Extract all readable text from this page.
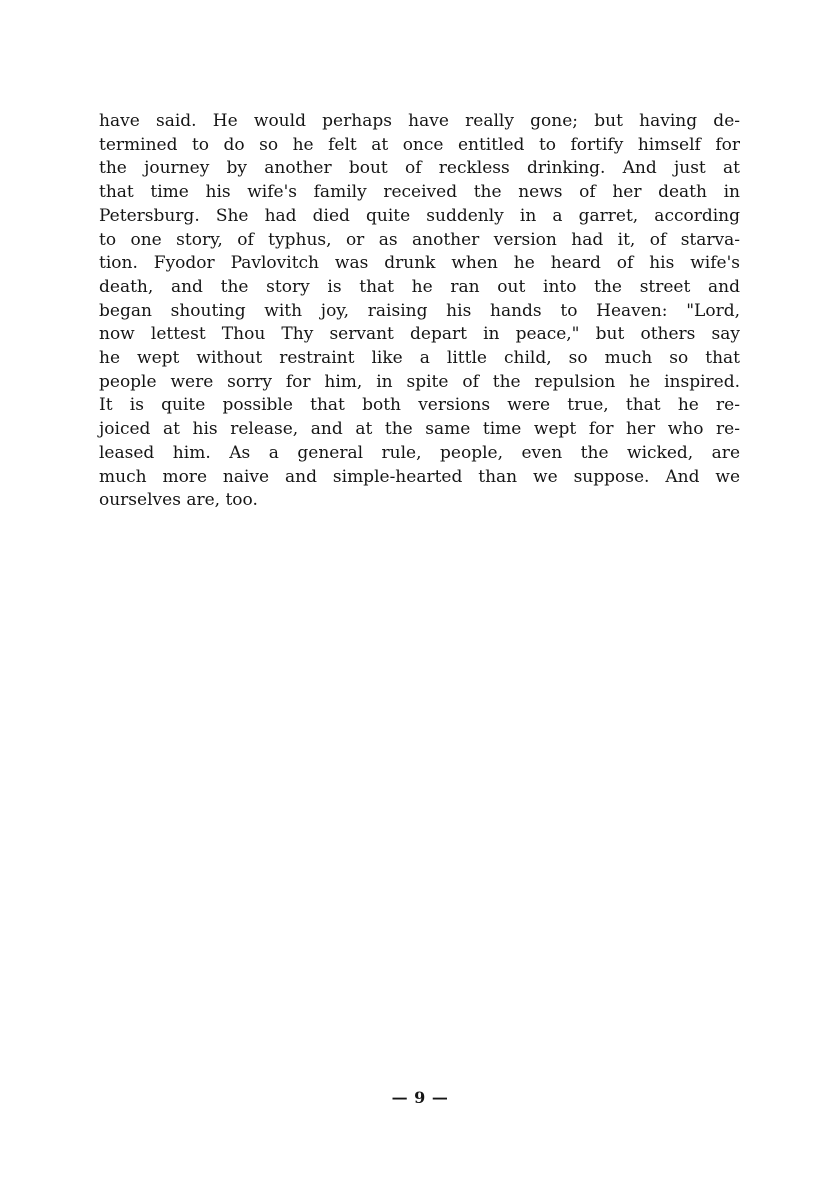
have said. He would perhaps have really gone; but having de-
termined to do so he felt at once entitled to fortify himself for
the journey by another bout of reckless drinking. And just at
that time his wife's family received the news of her death in
Petersburg. She had died quite suddenly in a garret, according
to one story, of typhus, or as another version had it, of starva-
tion. Fyodor Pavlovitch was drunk when he heard of his wife's
death, and the story is that he ran out into the street and
began shouting with joy, raising his hands to Heaven: "Lord,
now lettest Thou Thy servant depart in peace," but others say
he wept without restraint like a little child, so much so that
people were sorry for him, in spite of the repulsion he inspired.
It is quite possible that both versions were true, that he re-
joiced at his release, and at the same time wept for her who re-
leased him. As a general rule, people, even the wicked, are
much more naive and simple-hearted than we suppose. And we
ourselves are, too.
— 9 —
